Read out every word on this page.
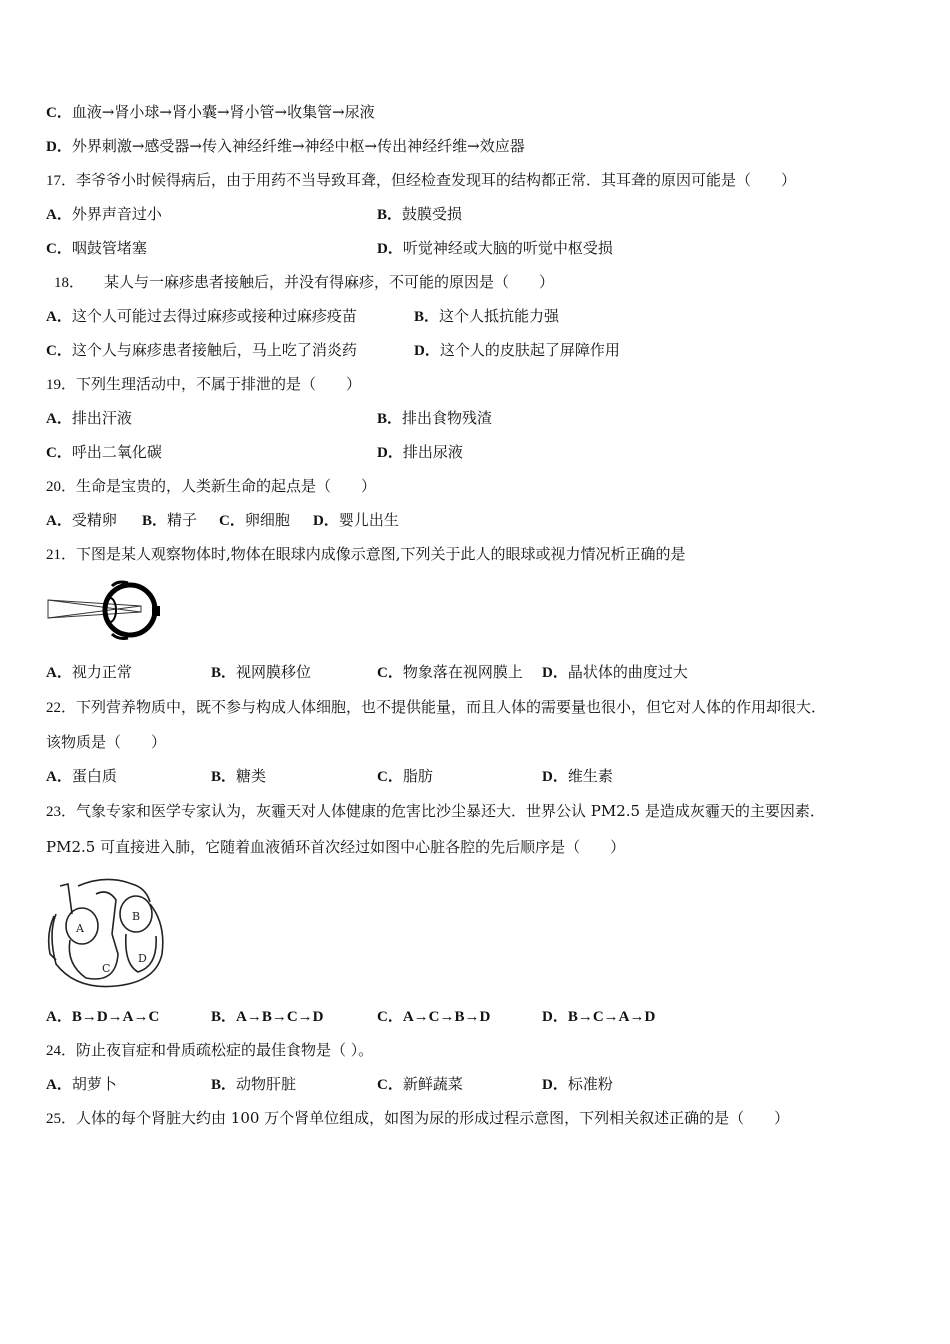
C．血液→肾小球→肾小囊→肾小管→收集管→尿液
D．外界刺激→感受器→传入神经纤维→神经中枢→传出神经纤维→效应器
17．李爷爷小时候得病后，由于用药不当导致耳聋，但经检查发现耳的结构都正常．其耳聋的原因可能是（　　）
A．外界声音过小	B．鼓膜受损
C．咽鼓管堵塞	D．听觉神经或大脑的听觉中枢受损
18． 某人与一麻疹患者接触后，并没有得麻疹，不可能的原因是（　　）
A．这个人可能过去得过麻疹或接种过麻疹疫苗	B．这个人抵抗能力强
C．这个人与麻疹患者接触后，马上吃了消炎药	D．这个人的皮肤起了屏障作用
19．下列生理活动中，不属于排泄的是（　　）
A．排出汗液	B．排出食物残渣
C．呼出二氧化碳	D．排出尿液
20．生命是宝贵的，人类新生命的起点是（　　）
A．受精卵 B．精子 C．卵细胞 D．婴儿出生
21．下图是某人观察物体时,物体在眼球内成像示意图,下列关于此人的眼球或视力情况析正确的是
A．视力正常	B．视网膜移位	C．物象落在视网膜上 D．晶状体的曲度过大
22．下列营养物质中，既不参与构成人体细胞，也不提供能量，而且人体的需要量也很小，但它对人体的作用却很大．
该物质是（　　）
A．蛋白质	B．糖类	C．脂肪	D．维生素
23．气象专家和医学专家认为，灰霾天对人体健康的危害比沙尘暴还大．世界公认 PM2.5 是造成灰霾天的主要因素．
PM2.5 可直接进入肺，它随着血液循环首次经过如图中心脏各腔的先后顺序是（　　）
A
B
C
D
A．B→D→A→C	B．A→B→C→D	C．A→C→B→D	D．B→C→A→D
24．防止夜盲症和骨质疏松症的最佳食物是（ ）。
A．胡萝卜	B．动物肝脏	C．新鲜蔬菜	D．标准粉
25．人体的每个肾脏大约由 100 万个肾单位组成，如图为尿的形成过程示意图，下列相关叙述正确的是（　　）
